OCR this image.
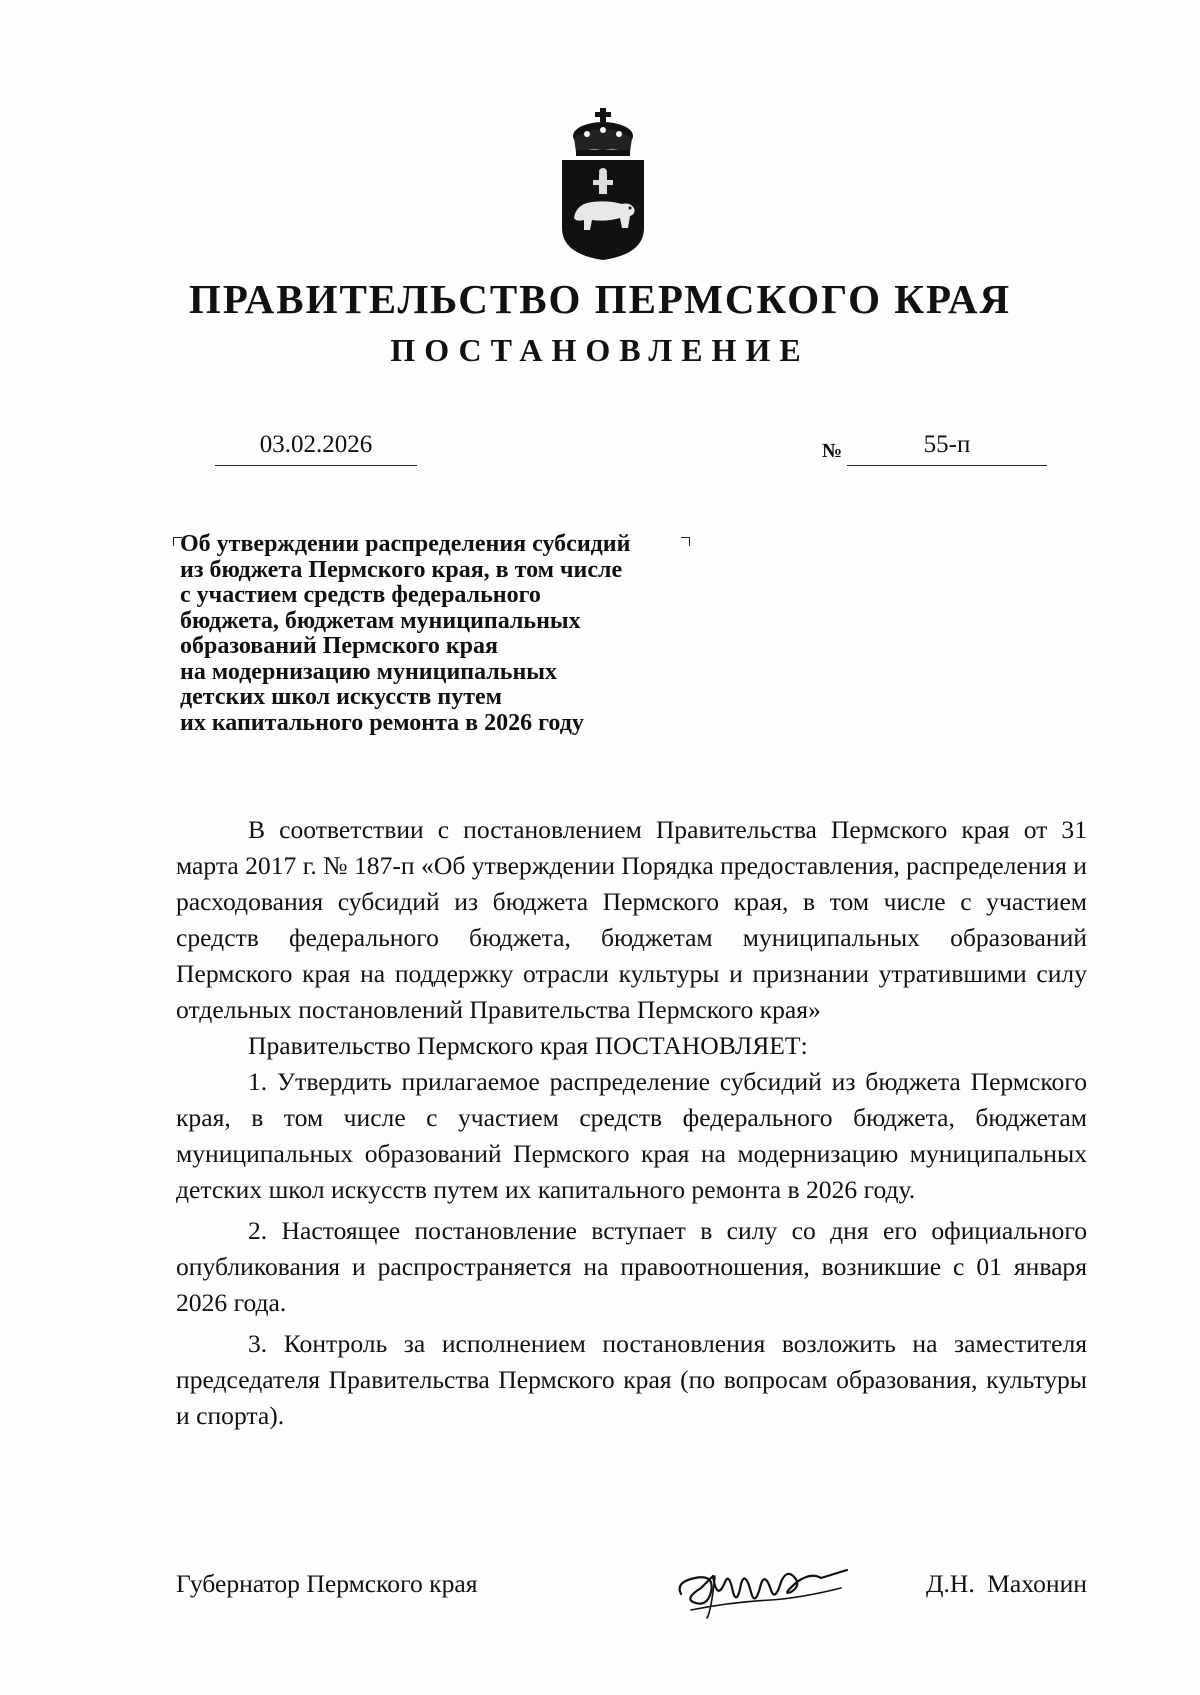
ПРАВИТЕЛЬСТВО ПЕРМСКОГО КРАЯ
ПОСТАНОВЛЕНИЕ
03.02.2026	№	55-п
Об утверждении распределения субсидий
из бюджета Пермского края, в том числе
с участием средств федерального
бюджета, бюджетам муниципальных
образований Пермского края
на модернизацию муниципальных
детских школ искусств путем
их капитального ремонта в 2026 году

В соответствии с постановлением Правительства Пермского края от 31 марта 2017 г. № 187-п «Об утверждении Порядка предоставления, распределения и расходования субсидий из бюджета Пермского края, в том числе с участием средств федерального бюджета, бюджетам муниципальных образований Пермского края на поддержку отрасли культуры и признании утратившими силу отдельных постановлений Правительства Пермского края»

Правительство Пермского края ПОСТАНОВЛЯЕТ:

1. Утвердить прилагаемое распределение субсидий из бюджета Пермского края, в том числе с участием средств федерального бюджета, бюджетам муниципальных образований Пермского края на модернизацию муниципальных детских школ искусств путем их капитального ремонта в 2026 году.

2. Настоящее постановление вступает в силу со дня его официального опубликования и распространяется на правоотношения, возникшие с 01 января 2026 года.

3. Контроль за исполнением постановления возложить на заместителя председателя Правительства Пермского края (по вопросам образования, культуры и спорта).

Губернатор Пермского края	Д.Н. Махонин
